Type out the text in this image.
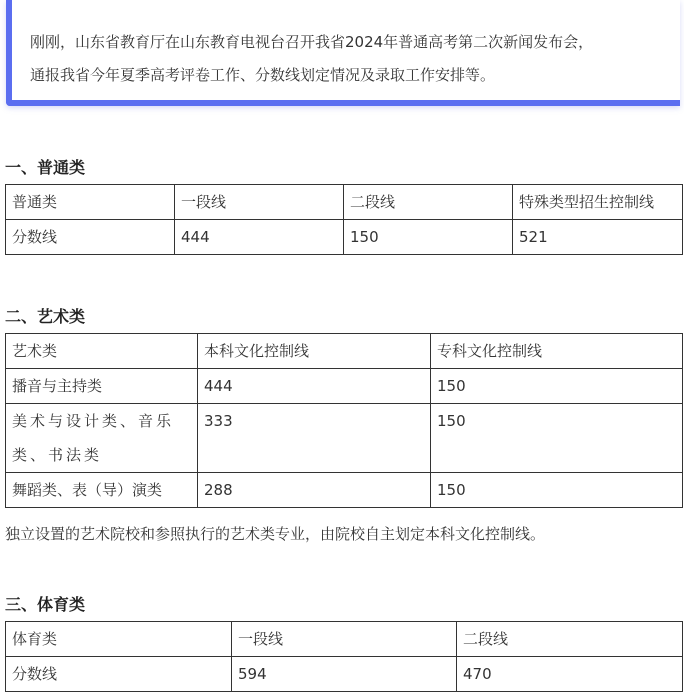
刚刚，山东省教育厅在山东教育电视台召开我省2024年普通高考第二次新闻发布会，

通报我省今年夏季高考评卷工作、分数线划定情况及录取工作安排等。

一、普通类
普通类	一段线	二段线	特殊类型招生控制线
分数线	444	150	521
二、艺术类
艺术类	本科文化控制线	专科文化控制线
播音与主持类	444	150
美术与设计类、音乐类、书法类	333	150
舞蹈类、表（导）演类	288	150
独立设置的艺术院校和参照执行的艺术类专业，由院校自主划定本科文化控制线。
三、体育类
体育类	一段线	二段线
分数线	594	470
